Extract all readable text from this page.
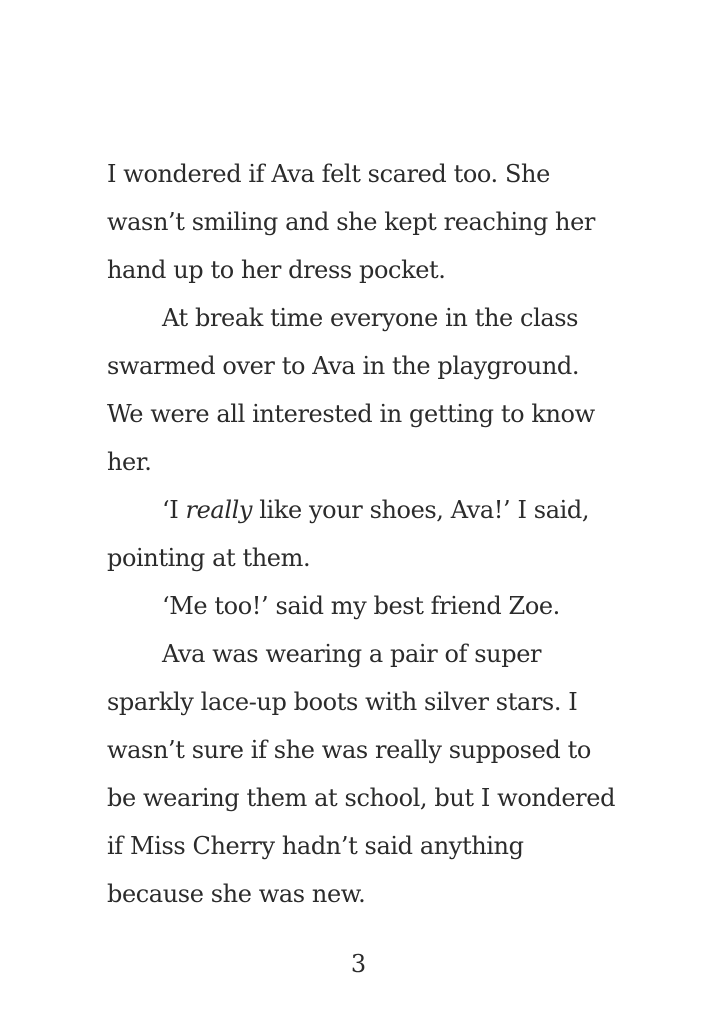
I wondered if Ava felt scared too. She
wasn’t smiling and she kept reaching her
hand up to her dress pocket.
At break time everyone in the class
swarmed over to Ava in the playground.
We were all interested in getting to know
her.
‘I really like your shoes, Ava!’ I said,
pointing at them.
‘Me too!’ said my best friend Zoe.
Ava was wearing a pair of super
sparkly lace-up boots with silver stars. I
wasn’t sure if she was really supposed to
be wearing them at school, but I wondered
if Miss Cherry hadn’t said anything
because she was new.
3
